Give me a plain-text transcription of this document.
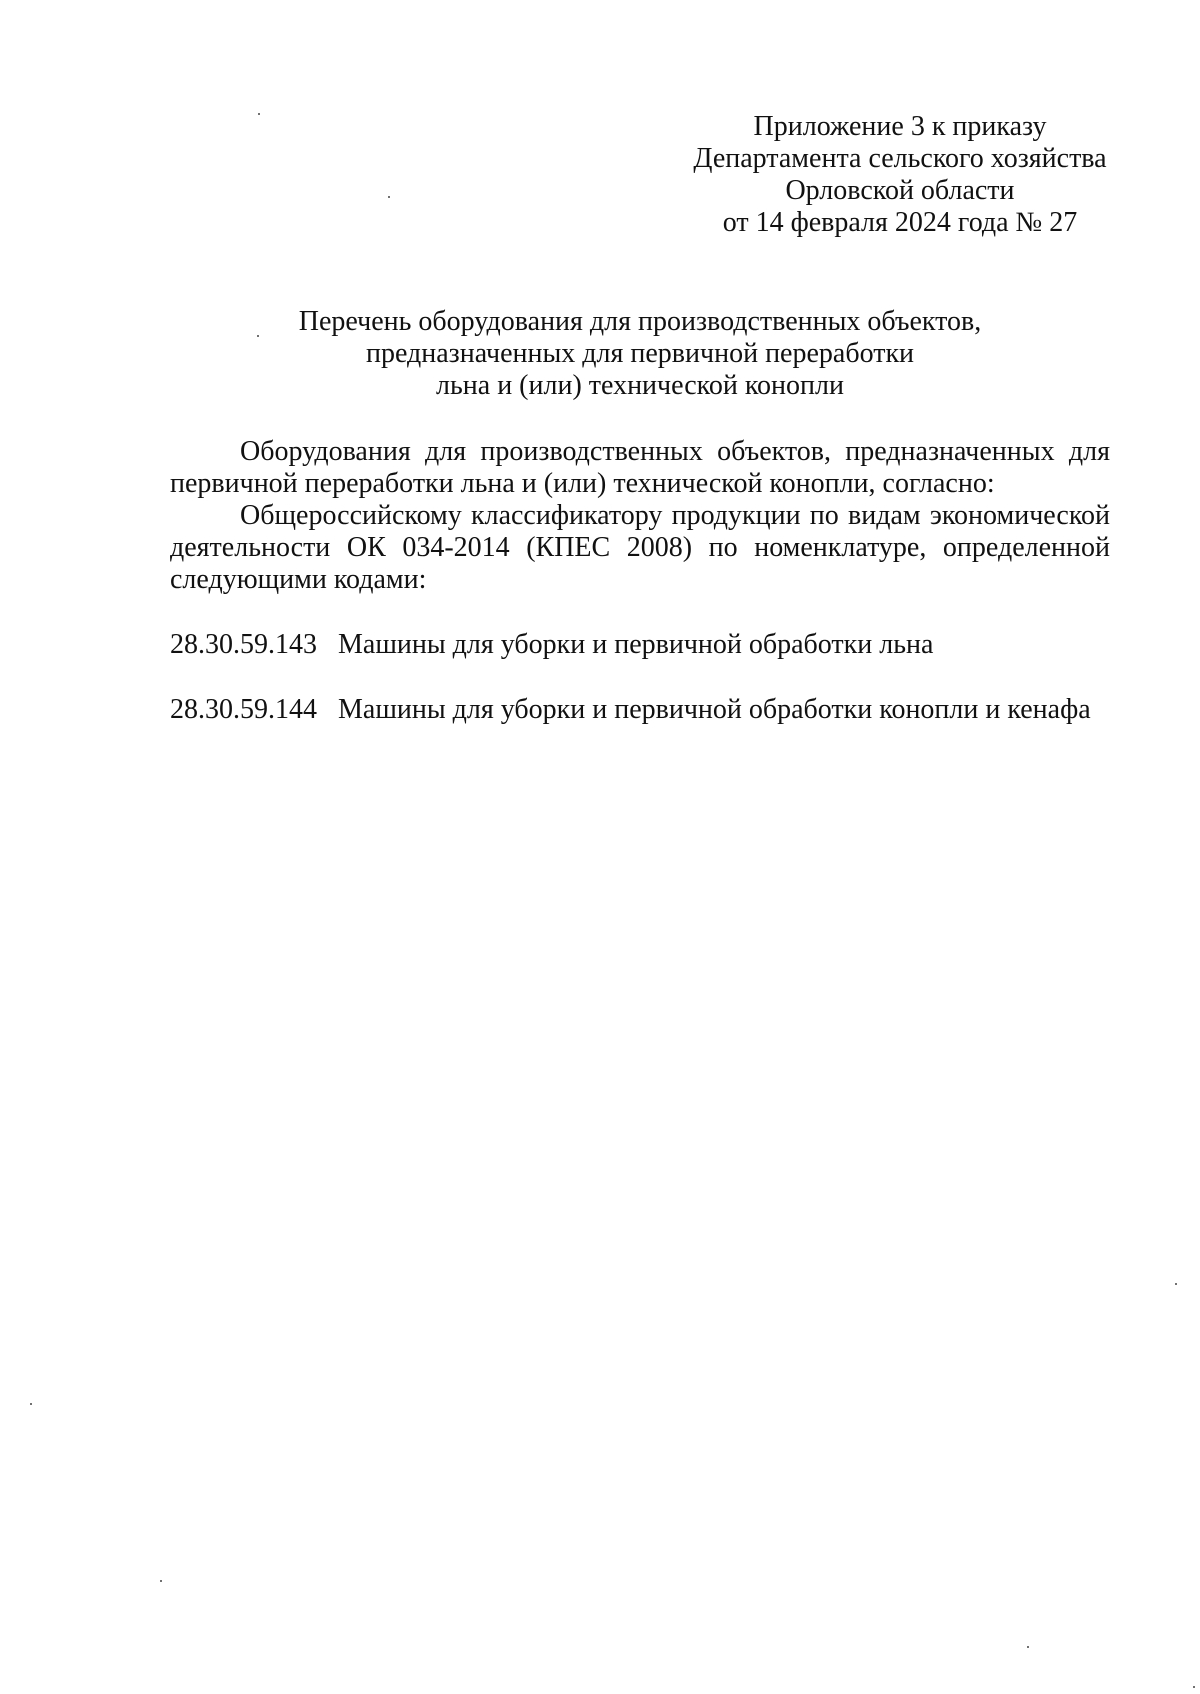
Приложение 3 к приказу
Департамента сельского хозяйства
Орловской области
от 14 февраля 2024 года № 27
Перечень оборудования для производственных объектов,
предназначенных для первичной переработки
льна и (или) технической конопли

Оборудования для производственных объектов, предназначенных для первичной переработки льна и (или) технической конопли, согласно:

Общероссийскому классификатору продукции по видам экономической деятельности ОК 034-2014 (КПЕС 2008) по номенклатуре, определенной следующими кодами:

28.30.59.143 Машины для уборки и первичной обработки льна
28.30.59.144 Машины для уборки и первичной обработки конопли и кенафа
